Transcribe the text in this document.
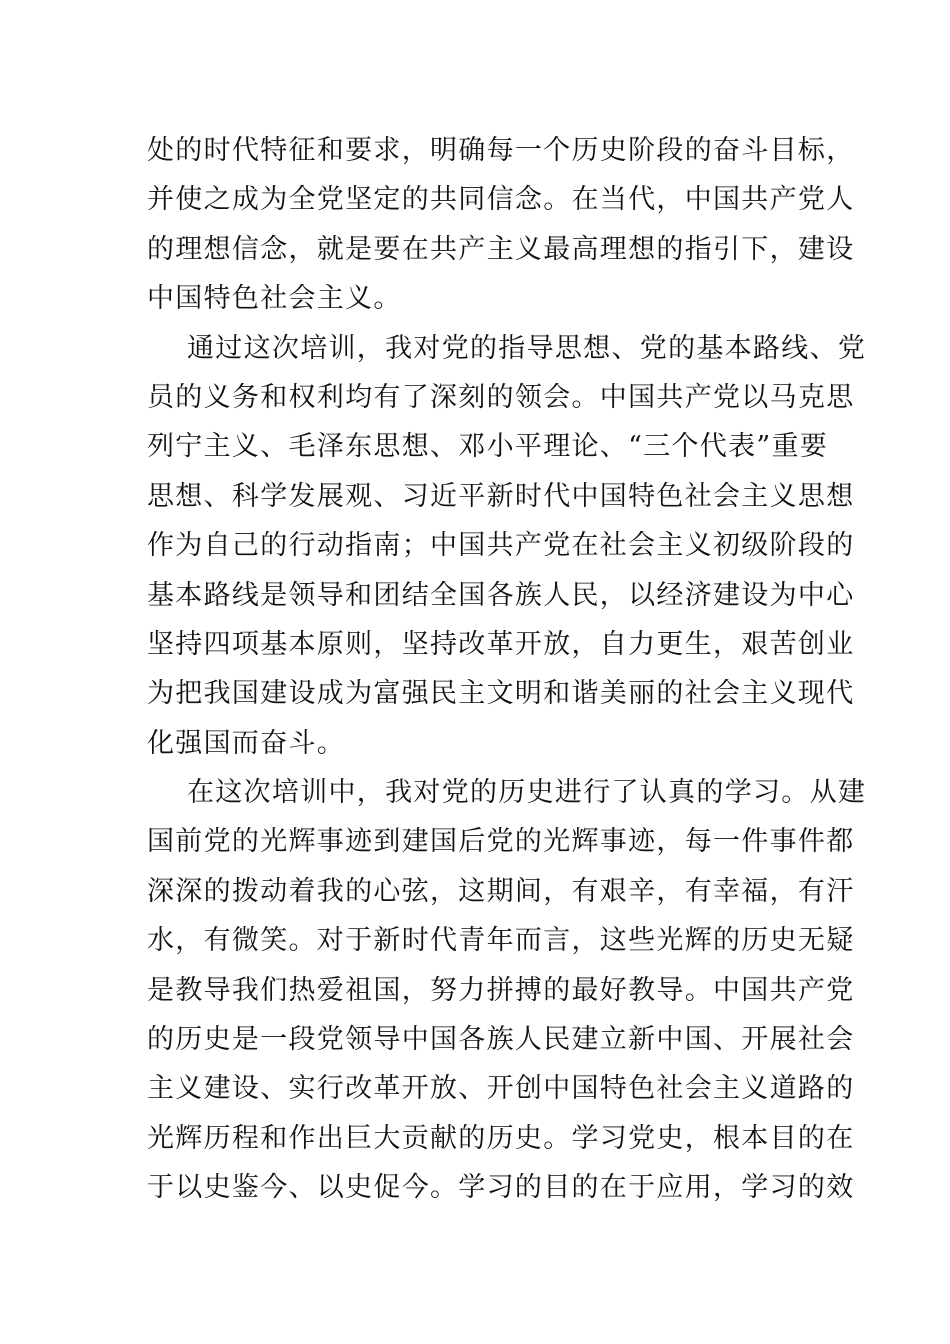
处的时代特征和要求，明确每一个历史阶段的奋斗目标，
并使之成为全党坚定的共同信念。在当代，中国共产党人
的理想信念，就是要在共产主义最高理想的指引下，建设
中国特色社会主义。
通过这次培训，我对党的指导思想、党的基本路线、党
员的义务和权利均有了深刻的领会。中国共产党以马克思
列宁主义、毛泽东思想、邓小平理论、“三个代表”重要
思想、科学发展观、习近平新时代中国特色社会主义思想
作为自己的行动指南；中国共产党在社会主义初级阶段的
基本路线是领导和团结全国各族人民，以经济建设为中心
坚持四项基本原则，坚持改革开放，自力更生，艰苦创业
为把我国建设成为富强民主文明和谐美丽的社会主义现代
化强国而奋斗。
在这次培训中，我对党的历史进行了认真的学习。从建
国前党的光辉事迹到建国后党的光辉事迹，每一件事件都
深深的拨动着我的心弦，这期间，有艰辛，有幸福，有汗
水，有微笑。对于新时代青年而言，这些光辉的历史无疑
是教导我们热爱祖国，努力拼搏的最好教导。中国共产党
的历史是一段党领导中国各族人民建立新中国、开展社会
主义建设、实行改革开放、开创中国特色社会主义道路的
光辉历程和作出巨大贡献的历史。学习党史，根本目的在
于以史鉴今、以史促今。学习的目的在于应用，学习的效
